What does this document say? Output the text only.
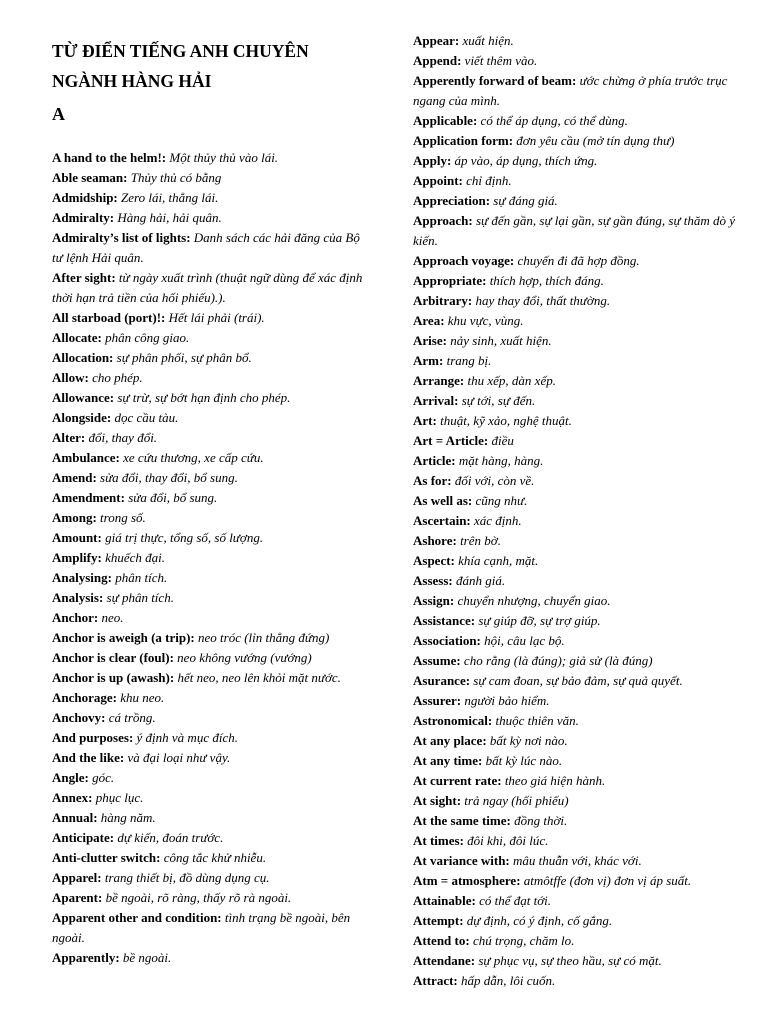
TỪ ĐIỂN TIẾNG ANH CHUYÊN
NGÀNH HÀNG HẢI
A
A hand to the helm!: Một thủy thủ vào lái.
Able seaman: Thủy thủ có bằng
Admidship: Zero lái, thẳng lái.
Admiralty: Hàng hải, hải quân.
Admiralty’s list of lights: Danh sách các hải đăng của Bộ tư lệnh Hải quân.
After sight: từ ngày xuất trình (thuật ngữ dùng để xác định thời hạn trả tiền của hối phiếu).).
All starboad (port)!: Hết lái phải (trái).
Allocate: phân công giao.
Allocation: sự phân phối, sự phân bổ.
Allow: cho phép.
Allowance: sự trừ, sự bớt hạn định cho phép.
Alongside: dọc cầu tàu.
Alter: đổi, thay đổi.
Ambulance: xe cứu thương, xe cấp cứu.
Amend: sửa đổi, thay đổi, bổ sung.
Amendment: sửa đổi, bổ sung.
Among: trong số.
Amount: giá trị thực, tổng số, số lượng.
Amplify: khuếch đại.
Analysing: phân tích.
Analysis: sự phân tích.
Anchor: neo.
Anchor is aweigh (a trip): neo tróc (lỉn thẳng đứng)
Anchor is clear (foul): neo không vướng (vướng)
Anchor is up (awash): hết neo, neo lên khỏi mặt nước.
Anchorage: khu neo.
Anchovy: cá trồng.
And purposes: ý định và mục đích.
And the like: và đại loại như vậy.
Angle: góc.
Annex: phục lục.
Annual: hàng năm.
Anticipate: dự kiến, đoán trước.
Anti-clutter switch: công tắc khử nhiễu.
Apparel: trang thiết bị, đồ dùng dụng cụ.
Aparent: bề ngoài, rõ ràng, thấy rõ rà ngoài.
Apparent other and condition: tình trạng bề ngoài, bên ngoài.
Apparently: bề ngoài.
Appear: xuất hiện.
Append: viết thêm vào.
Apperently forward of beam: ước chừng ở phía trước trục ngang của mình.
Applicable: có thể áp dụng, có thể dùng.
Application form: đơn yêu cầu (mở tín dụng thư)
Apply: áp vào, áp dụng, thích ứng.
Appoint: chỉ định.
Appreciation: sự đáng giá.
Approach: sự đến gần, sự lại gần, sự gần đúng, sự thăm dò ý kiến.
Approach voyage: chuyến đi đã hợp đồng.
Appropriate: thích hợp, thích đáng.
Arbitrary: hay thay đổi, thất thường.
Area: khu vực, vùng.
Arise: nảy sinh, xuất hiện.
Arm: trang bị.
Arrange: thu xếp, dàn xếp.
Arrival: sự tới, sự đến.
Art: thuật, kỹ xảo, nghệ thuật.
Art = Article: điều
Article: mặt hàng, hàng.
As for: đối với, còn về.
As well as: cũng như.
Ascertain: xác định.
Ashore: trên bờ.
Aspect: khía cạnh, mặt.
Assess: đánh giá.
Assign: chuyển nhượng, chuyển giao.
Assistance: sự giúp đỡ, sự trợ giúp.
Association: hội, câu lạc bộ.
Assume: cho rằng (là đúng); giả sử (là đúng)
Asurance: sự cam đoan, sự bảo đảm, sự quả quyết.
Assurer: người bảo hiểm.
Astronomical: thuộc thiên văn.
At any place: bất kỳ nơi nào.
At any time: bất kỳ lúc nào.
At current rate: theo giá hiện hành.
At sight: trả ngay (hối phiếu)
At the same time: đồng thời.
At times: đôi khi, đôi lúc.
At variance with: mâu thuẫn với, khác với.
Atm = atmosphere: atmôtffe (đơn vị) đơn vị áp suất.
Attainable: có thể đạt tới.
Attempt: dự định, có ý định, cố gắng.
Attend to: chú trọng, chăm lo.
Attendane: sự phục vụ, sự theo hầu, sự có mặt.
Attract: hấp dẫn, lôi cuốn.
